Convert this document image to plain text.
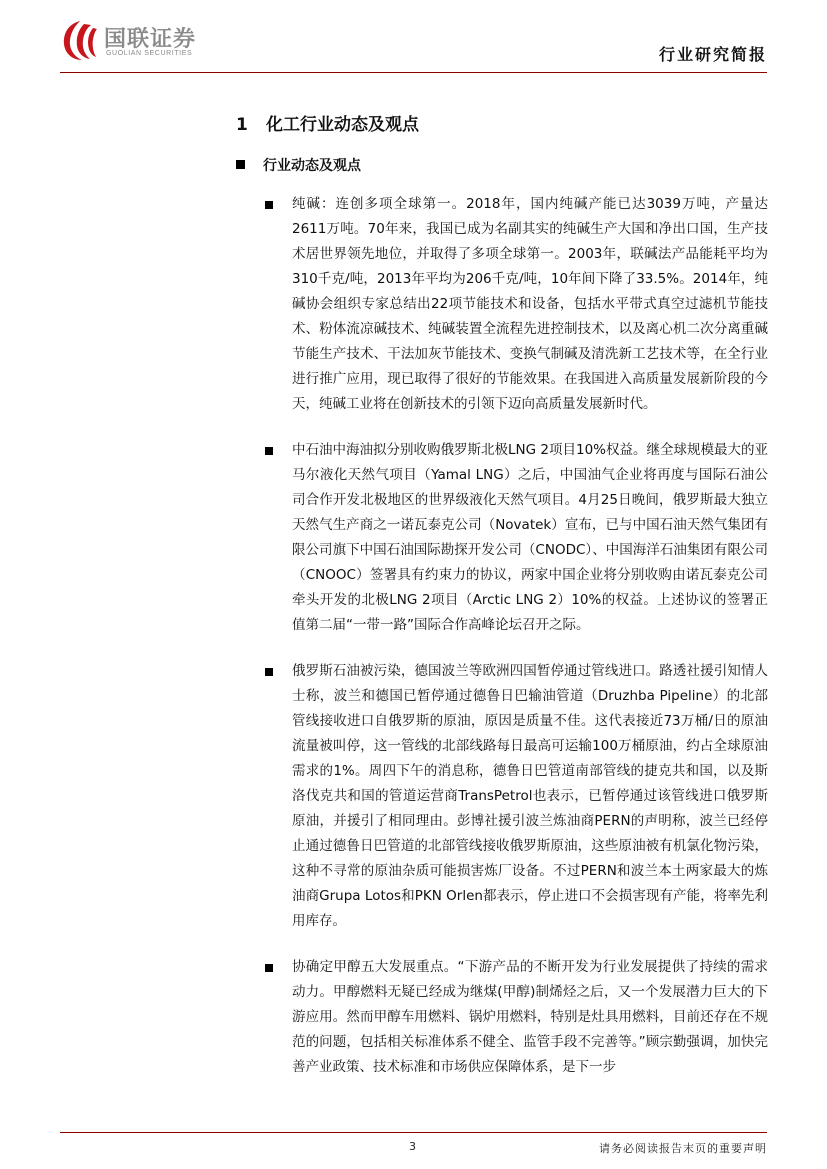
国联证券
GUOLIAN SECURITIES	行业研究简报
1 化工行业动态及观点
行业动态及观点

纯碱：连创多项全球第一。2018年，国内纯碱产能已达3039万吨，产量达2611万吨。70年来，我国已成为名副其实的纯碱生产大国和净出口国，生产技术居世界领先地位，并取得了多项全球第一。2003年，联碱法产品能耗平均为310千克/吨，2013年平均为206千克/吨，10年间下降了33.5%。2014年，纯碱协会组织专家总结出22项节能技术和设备，包括水平带式真空过滤机节能技术、粉体流凉碱技术、纯碱装置全流程先进控制技术，以及离心机二次分离重碱节能生产技术、干法加灰节能技术、变换气制碱及清洗新工艺技术等，在全行业进行推广应用，现已取得了很好的节能效果。在我国进入高质量发展新阶段的今天，纯碱工业将在创新技术的引领下迈向高质量发展新时代。

中石油中海油拟分别收购俄罗斯北极LNG 2项目10%权益。继全球规模最大的亚马尔液化天然气项目（Yamal LNG）之后，中国油气企业将再度与国际石油公司合作开发北极地区的世界级液化天然气项目。4月25日晚间，俄罗斯最大独立天然气生产商之一诺瓦泰克公司（Novatek）宣布，已与中国石油天然气集团有限公司旗下中国石油国际勘探开发公司（CNODC）、中国海洋石油集团有限公司（CNOOC）签署具有约束力的协议，两家中国企业将分别收购由诺瓦泰克公司牵头开发的北极LNG 2项目（Arctic LNG 2）10%的权益。上述协议的签署正值第二届“一带一路”国际合作高峰论坛召开之际。

俄罗斯石油被污染，德国波兰等欧洲四国暂停通过管线进口。路透社援引知情人士称，波兰和德国已暂停通过德鲁日巴输油管道（Druzhba Pipeline）的北部管线接收进口自俄罗斯的原油，原因是质量不佳。这代表接近73万桶/日的原油流量被叫停，这一管线的北部线路每日最高可运输100万桶原油，约占全球原油需求的1%。周四下午的消息称，德鲁日巴管道南部管线的捷克共和国，以及斯洛伐克共和国的管道运营商TransPetrol也表示，已暂停通过该管线进口俄罗斯原油，并援引了相同理由。彭博社援引波兰炼油商PERN的声明称，波兰已经停止通过德鲁日巴管道的北部管线接收俄罗斯原油，这些原油被有机氯化物污染，这种不寻常的原油杂质可能损害炼厂设备。不过PERN和波兰本土两家最大的炼油商Grupa Lotos和PKN Orlen都表示，停止进口不会损害现有产能，将率先利用库存。

协确定甲醇五大发展重点。“下游产品的不断开发为行业发展提供了持续的需求动力。甲醇燃料无疑已经成为继煤(甲醇)制烯烃之后，又一个发展潜力巨大的下游应用。然而甲醇车用燃料、锅炉用燃料，特别是灶具用燃料，目前还存在不规范的问题，包括相关标准体系不健全、监管手段不完善等。”顾宗勤强调，加快完善产业政策、技术标准和市场供应保障体系，是下一步

3	请务必阅读报告末页的重要声明
